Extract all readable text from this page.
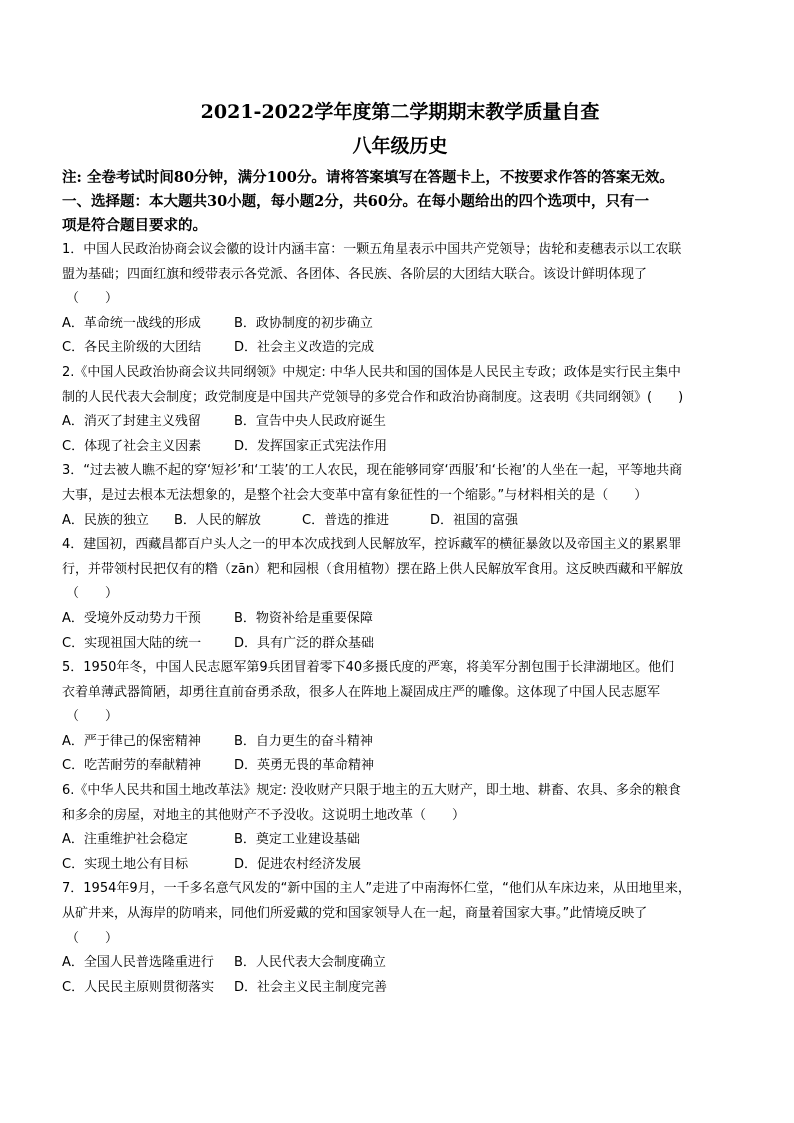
2021-2022学年度第二学期期末教学质量自查
八年级历史

注: 全卷考试时间80分钟，满分100分。请将答案填写在答题卡上，不按要求作答的答案无效。

一、选择题：本大题共30小题，每小题2分，共60分。在每小题给出的四个选项中，只有一

项是符合题目要求的。

1．中国人民政治协商会议会徽的设计内涵丰富：一颗五角星表示中国共产党领导；齿轮和麦穗表示以工农联

盟为基础；四面红旗和绶带表示各党派、各团体、各民族、各阶层的大团结大联合。该设计鲜明体现了

（　　）
A．革命统一战线的形成	B．政协制度的初步确立
C．各民主阶级的大团结	D．社会主义改造的完成

2.《中国人民政治协商会议共同纲领》中规定: 中华人民共和国的国体是人民民主专政；政体是实行民主集中

制的人民代表大会制度；政党制度是中国共产党领导的多党合作和政治协商制度。这表明《共同纲领》(　　)

A．消灭了封建主义残留	B．宣告中央人民政府诞生
C．体现了社会主义因素	D．发挥国家正式宪法作用

3．“过去被人瞧不起的穿‘短衫’和‘工装’的工人农民，现在能够同穿‘西服’和‘长袍’的人坐在一起，平等地共商

大事，是过去根本无法想象的，是整个社会大变革中富有象征性的一个缩影。”与材料相关的是（　　）

A．民族的独立 B．人民的解放	C．普选的推进	D．祖国的富强

4．建国初，西藏昌都百户头人之一的甲本次成找到人民解放军，控诉藏军的横征暴敛以及帝国主义的累累罪

行，并带领村民把仅有的糌（zān）粑和园根（食用植物）摆在路上供人民解放军食用。这反映西藏和平解放

（　　）
A．受境外反动势力干预	B．物资补给是重要保障
C．实现祖国大陆的统一	D．具有广泛的群众基础

5．1950年冬，中国人民志愿军第9兵团冒着零下40多摄氏度的严寒，将美军分割包围于长津湖地区。他们

衣着单薄武器简陋，却勇往直前奋勇杀敌，很多人在阵地上凝固成庄严的雕像。这体现了中国人民志愿军

（　　）
A．严于律己的保密精神	B．自力更生的奋斗精神
C．吃苦耐劳的奉献精神	D．英勇无畏的革命精神

6.《中华人民共和国土地改革法》规定: 没收财产只限于地主的五大财产，即土地、耕畜、农具、多余的粮食

和多余的房屋，对地主的其他财产不予没收。这说明土地改革（　　）

A．注重维护社会稳定	B．奠定工业建设基础
C．实现土地公有目标	D．促进农村经济发展

7．1954年9月，一千多名意气风发的“新中国的主人”走进了中南海怀仁堂，“他们从车床边来，从田地里来，

从矿井来，从海岸的防哨来，同他们所爱戴的党和国家领导人在一起，商量着国家大事。”此情境反映了

（　　）
A．全国人民普选隆重进行 B．人民代表大会制度确立
C．人民民主原则贯彻落实 D．社会主义民主制度完善
